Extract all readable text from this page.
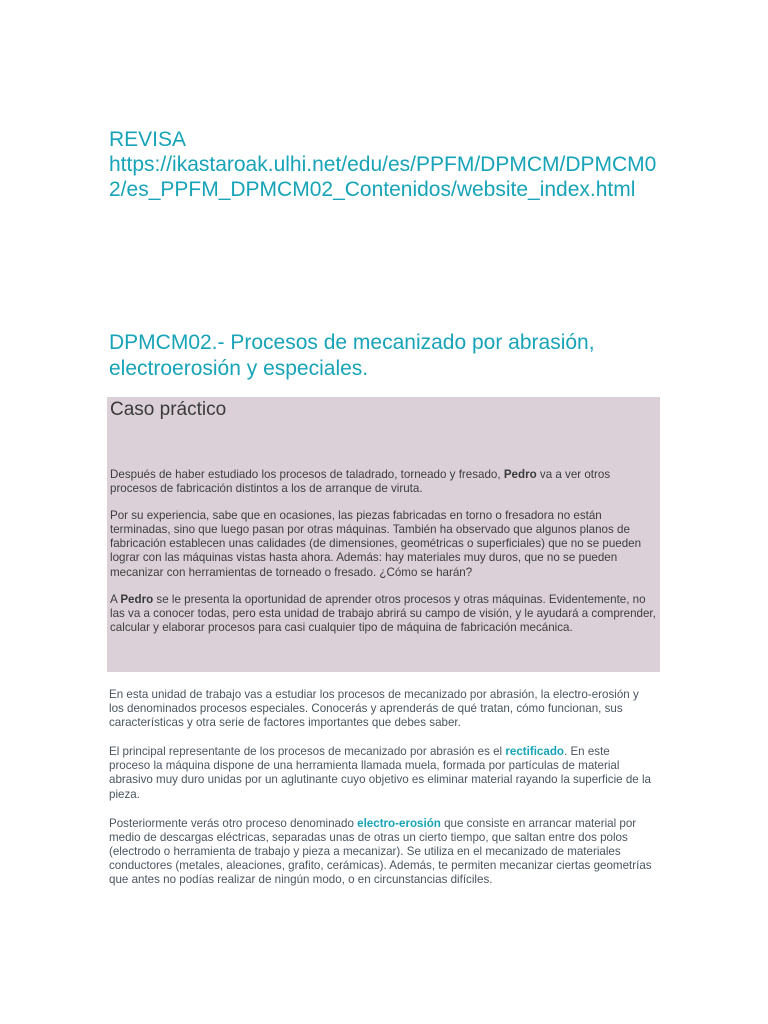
REVISA
https://ikastaroak.ulhi.net/edu/es/PPFM/DPMCM/DPMCM02/es_PPFM_DPMCM02_Contenidos/website_index.html
DPMCM02.- Procesos de mecanizado por abrasión, electroerosión y especiales.
Caso práctico

Después de haber estudiado los procesos de taladrado, torneado y fresado, Pedro va a ver otros procesos de fabricación distintos a los de arranque de viruta.

Por su experiencia, sabe que en ocasiones, las piezas fabricadas en torno o fresadora no están terminadas, sino que luego pasan por otras máquinas. También ha observado que algunos planos de fabricación establecen unas calidades (de dimensiones, geométricas o superficiales) que no se pueden lograr con las máquinas vistas hasta ahora. Además: hay materiales muy duros, que no se pueden mecanizar con herramientas de torneado o fresado. ¿Cómo se harán?

A Pedro se le presenta la oportunidad de aprender otros procesos y otras máquinas. Evidentemente, no las va a conocer todas, pero esta unidad de trabajo abrirá su campo de visión, y le ayudará a comprender, calcular y elaborar procesos para casi cualquier tipo de máquina de fabricación mecánica.

En esta unidad de trabajo vas a estudiar los procesos de mecanizado por abrasión, la electro-erosión y los denominados procesos especiales. Conocerás y aprenderás de qué tratan, cómo funcionan, sus características y otra serie de factores importantes que debes saber.

El principal representante de los procesos de mecanizado por abrasión es el rectificado. En este proceso la máquina dispone de una herramienta llamada muela, formada por partículas de material abrasivo muy duro unidas por un aglutinante cuyo objetivo es eliminar material rayando la superficie de la pieza.

Posteriormente verás otro proceso denominado electro-erosión que consiste en arrancar material por medio de descargas eléctricas, separadas unas de otras un cierto tiempo, que saltan entre dos polos (electrodo o herramienta de trabajo y pieza a mecanizar). Se utiliza en el mecanizado de materiales conductores (metales, aleaciones, grafito, cerámicas). Además, te permiten mecanizar ciertas geometrías que antes no podías realizar de ningún modo, o en circunstancias difíciles.
